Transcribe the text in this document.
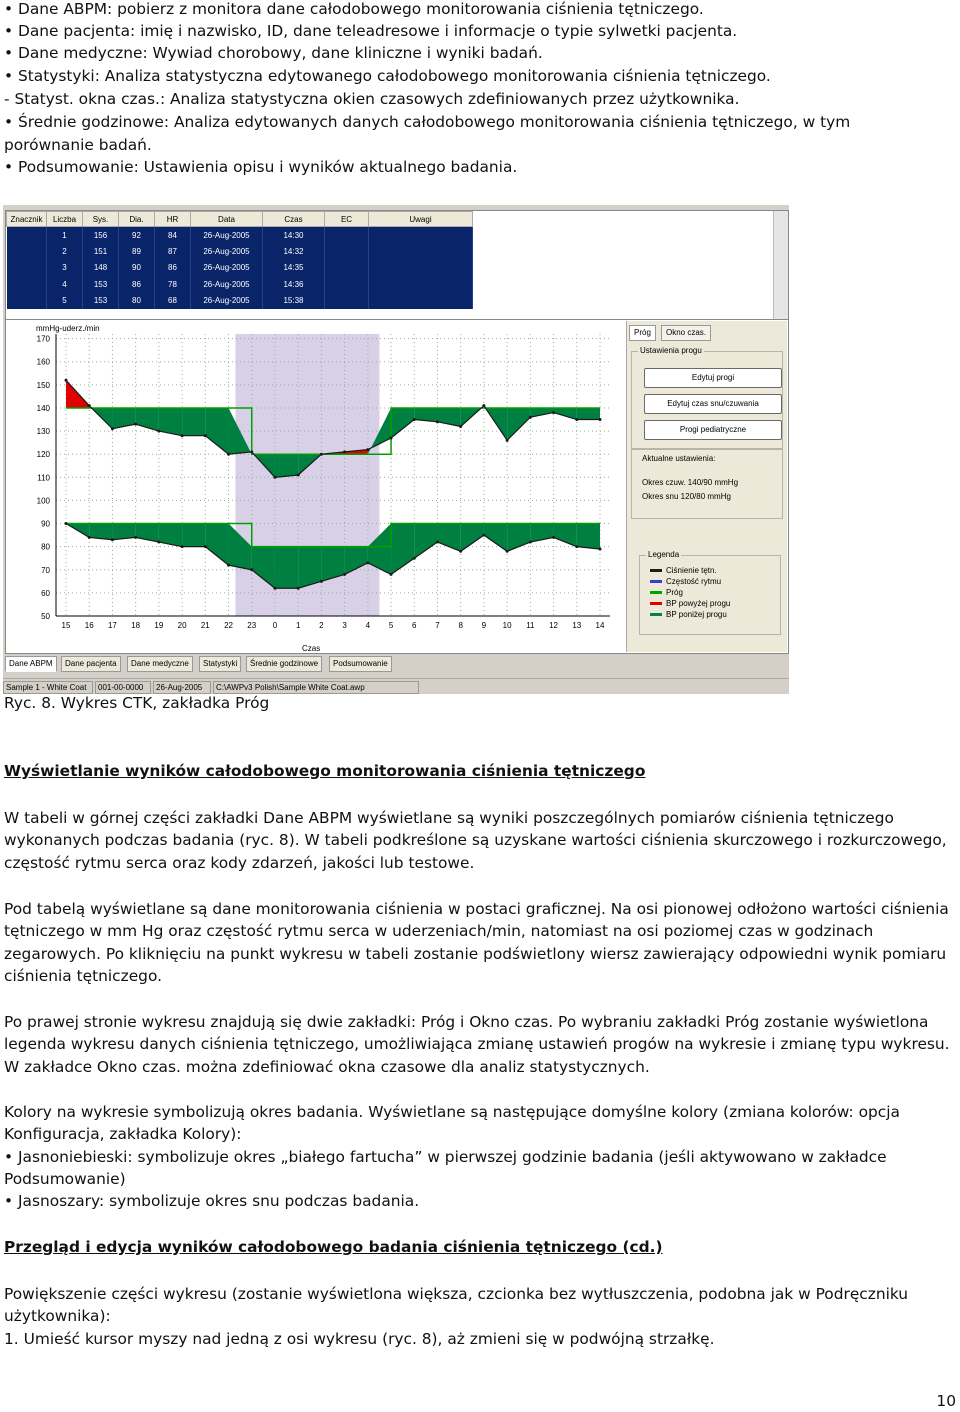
• Dane ABPM: pobierz z monitora dane całodobowego monitorowania ciśnienia tętniczego.
• Dane pacjenta: imię i nazwisko, ID, dane teleadresowe i informacje o typie sylwetki pacjenta.
• Dane medyczne: Wywiad chorobowy, dane kliniczne i wyniki badań.
• Statystyki: Analiza statystyczna edytowanego całodobowego monitorowania ciśnienia tętniczego.
- Statyst. okna czas.: Analiza statystyczna okien czasowych zdefiniowanych przez użytkownika.
• Średnie godzinowe: Analiza edytowanych danych całodobowego monitorowania ciśnienia tętniczego, w tym
porównanie badań.
• Podsumowanie: Ustawienia opisu i wyników aktualnego badania.
Znacznik	Liczba	Sys.	Dia.	HR	Data	Czas	EC	Uwagi
	1	156	92	84	26-Aug-2005	14:30		
	2	151	89	87	26-Aug-2005	14:32		
	3	148	90	86	26-Aug-2005	14:35		
	4	153	86	78	26-Aug-2005	14:36		
	5	153	80	68	26-Aug-2005	15:38		
mmHg-uderz./min
170
160
150
140
130
120
110
100
90
80
70
60
50
15 16 17 18 19 20 21 22 23 0 1 2 3 4 5 6 7 8 9 10 11 12 13 14
Czas
Próg	Okno czas.
Ustawienia progu
Edytuj progi
Edytuj czas snu/czuwania
Progi pediatryczne
Aktualne ustawienia:
Okres czuw. 140/90 mmHg
Okres snu 120/80 mmHg
Legenda
Ciśnienie tętn.
Częstość rytmu
Próg
BP powyżej progu
BP poniżej progu
Dane ABPM	Dane pacjenta	Dane medyczne	Statystyki	Średnie godzinowe	Podsumowanie
Sample 1 - White Coat	001-00-0000	26-Aug-2005	C:\AWPv3 Polish\Sample White Coat.awp
Ryc. 8. Wykres CTK, zakładka Próg
Wyświetlanie wyników całodobowego monitorowania ciśnienia tętniczego

W tabeli w górnej części zakładki Dane ABPM wyświetlane są wyniki poszczególnych pomiarów ciśnienia tętniczego wykonanych podczas badania (ryc. 8). W tabeli podkreślone są uzyskane wartości ciśnienia skurczowego i rozkurczowego, częstość rytmu serca oraz kody zdarzeń, jakości lub testowe.

Pod tabelą wyświetlane są dane monitorowania ciśnienia w postaci graficznej. Na osi pionowej odłożono wartości ciśnienia tętniczego w mm Hg oraz częstość rytmu serca w uderzeniach/min, natomiast na osi poziomej czas w godzinach zegarowych. Po kliknięciu na punkt wykresu w tabeli zostanie podświetlony wiersz zawierający odpowiedni wynik pomiaru ciśnienia tętniczego.

Po prawej stronie wykresu znajdują się dwie zakładki: Próg i Okno czas. Po wybraniu zakładki Próg zostanie wyświetlona legenda wykresu danych ciśnienia tętniczego, umożliwiająca zmianę ustawień progów na wykresie i zmianę typu wykresu. W zakładce Okno czas. można zdefiniować okna czasowe dla analiz statystycznych.

Kolory na wykresie symbolizują okres badania. Wyświetlane są następujące domyślne kolory (zmiana kolorów: opcja Konfiguracja, zakładka Kolory):

• Jasnoniebieski: symbolizuje okres „białego fartucha” w pierwszej godzinie badania (jeśli aktywowano w zakładce Podsumowanie)

• Jasnoszary: symbolizuje okres snu podczas badania.

Przegląd i edycja wyników całodobowego badania ciśnienia tętniczego (cd.)

Powiększenie części wykresu (zostanie wyświetlona większa, czcionka bez wytłuszczenia, podobna jak w Podręczniku użytkownika):

1. Umieść kursor myszy nad jedną z osi wykresu (ryc. 8), aż zmieni się w podwójną strzałkę.

10
